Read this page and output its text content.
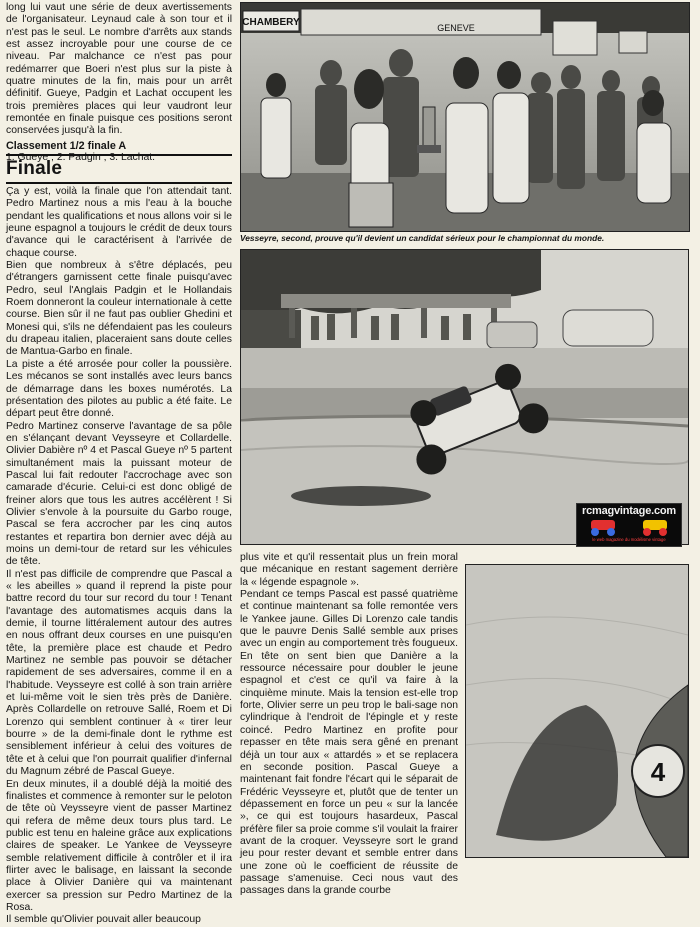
long lui vaut une série de deux avertissements de l'organisateur. Leynaud cale à son tour et il n'est pas le seul. Le nombre d'arrêts aux stands est assez incroyable pour une course de ce niveau. Par malchance ce n'est pas pour redémarrer que Boeri n'est plus sur la piste à quatre minutes de la fin, mais pour un arrêt définitif. Gueye, Padgin et Lachat occupent les trois premières places qui leur vaudront leur remontée en finale puisque ces positions seront conservées jusqu'à la fin.

Classement 1/2 finale A

1. Gueye ; 2. Padgin ; 3. Lachat.

Finale

Ça y est, voilà la finale que l'on attendait tant. Pedro Martinez nous a mis l'eau à la bouche pendant les qualifications et nous allons voir si le jeune espagnol a toujours le crédit de deux tours d'avance qui le caractérisent à l'arrivée de chaque course.

Bien que nombreux à s'être déplacés, peu d'étrangers garnissent cette finale puisqu'avec Pedro, seul l'Anglais Padgin et le Hollandais Roem donneront la couleur internationale à cette course. Bien sûr il ne faut pas oublier Ghedini et Monesi qui, s'ils ne défendaient pas les couleurs du drapeau italien, placeraient sans doute celles de Mantua-Garbo en finale.

La piste a été arrosée pour coller la poussière. Les mécanos se sont installés avec leurs bancs de démarrage dans les boxes numérotés. La présentation des pilotes au public a été faite. Le départ peut être donné.

Pedro Martinez conserve l'avantage de sa pôle en s'élançant devant Veysseyre et Collardelle. Olivier Dabière nº 4 et Pascal Gueye nº 5 partent simultanément mais la puissant moteur de Pascal lui fait redouter l'accrochage avec son camarade d'écurie. Celui-ci est donc obligé de freiner alors que tous les autres accélèrent ! Si Olivier s'envole à la poursuite du Garbo rouge, Pascal se fera accrocher par les cinq autos restantes et repartira bon dernier avec déjà au moins un demi-tour de retard sur les véhicules de tête.

Il n'est pas difficile de comprendre que Pascal a « les abeilles » quand il reprend la piste pour battre record du tour sur record du tour ! Tenant l'avantage des automatismes acquis dans la demie, il tourne littéralement autour des autres en nous offrant deux courses en une puisqu'en tête, la première place est chaude et Pedro Martinez ne semble pas pouvoir se détacher rapidement de ses adversaires, comme il en a l'habitude. Veysseyre est collé à son train arrière et lui-même voit le sien très près de Danière. Après Collardelle on retrouve Sallé, Roem et Di Lorenzo qui semblent continuer à « tirer leur bourre » de la demi-finale dont le rythme est sensiblement inférieur à celui des voitures de tête et à celui que l'on pourrait qualifier d'infernal du Magnum zébré de Pascal Gueye.

En deux minutes, il a doublé déjà la moitié des finalistes et commence à remonter sur le peloton de tête où Veysseyre vient de passer Martinez qui refera de même deux tours plus tard. Le public est tenu en haleine grâce aux explications claires de speaker. Le Yankee de Veysseyre semble relativement difficile à contrôler et il ira flirter avec le balisage, en laissant la seconde place à Olivier Danière qui va maintenant exercer sa pression sur Pedro Martinez de la Rosa.

Il semble qu'Olivier pouvait aller beaucoup

plus vite et qu'il ressentait plus un frein moral que mécanique en restant sagement derrière la « légende espagnole ».

Pendant ce temps Pascal est passé quatrième et continue maintenant sa folle remontée vers le Yankee jaune. Gilles Di Lorenzo cale tandis que le pauvre Denis Sallé semble aux prises avec un engin au comportement très fougueux. En tête on sent bien que Danière a la ressource nécessaire pour doubler le jeune espagnol et c'est ce qu'il va faire à la cinquième minute. Mais la tension est-elle trop forte, Olivier serre un peu trop le bali-sage non cylindrique à l'endroit de l'épingle et y reste coincé. Pedro Martinez en profite pour repasser en tête mais sera gêné en prenant déjà un tour aux « attardés » et se replacera en seconde position. Pascal Gueye a maintenant fait fondre l'écart qui le séparait de Frédéric Veysseyre et, plutôt que de tenter un dépassement en force un peu « sur la lancée », ce qui est toujours hasardeux, Pascal préfère filer sa proie comme s'il voulait la frairer avant de la croquer. Veysseyre sort le grand jeu pour rester devant et semble entrer dans une zone où le coefficient de réussite de passage s'amenuise. Ceci nous vaut des passages dans la grande courbe

CHAMBERY	GENEVE
Vesseyre, second, prouve qu'il devient un candidat sérieux pour le championnat du monde.
rcmagvintage.com
le web magazine du modélisme vintage
4
